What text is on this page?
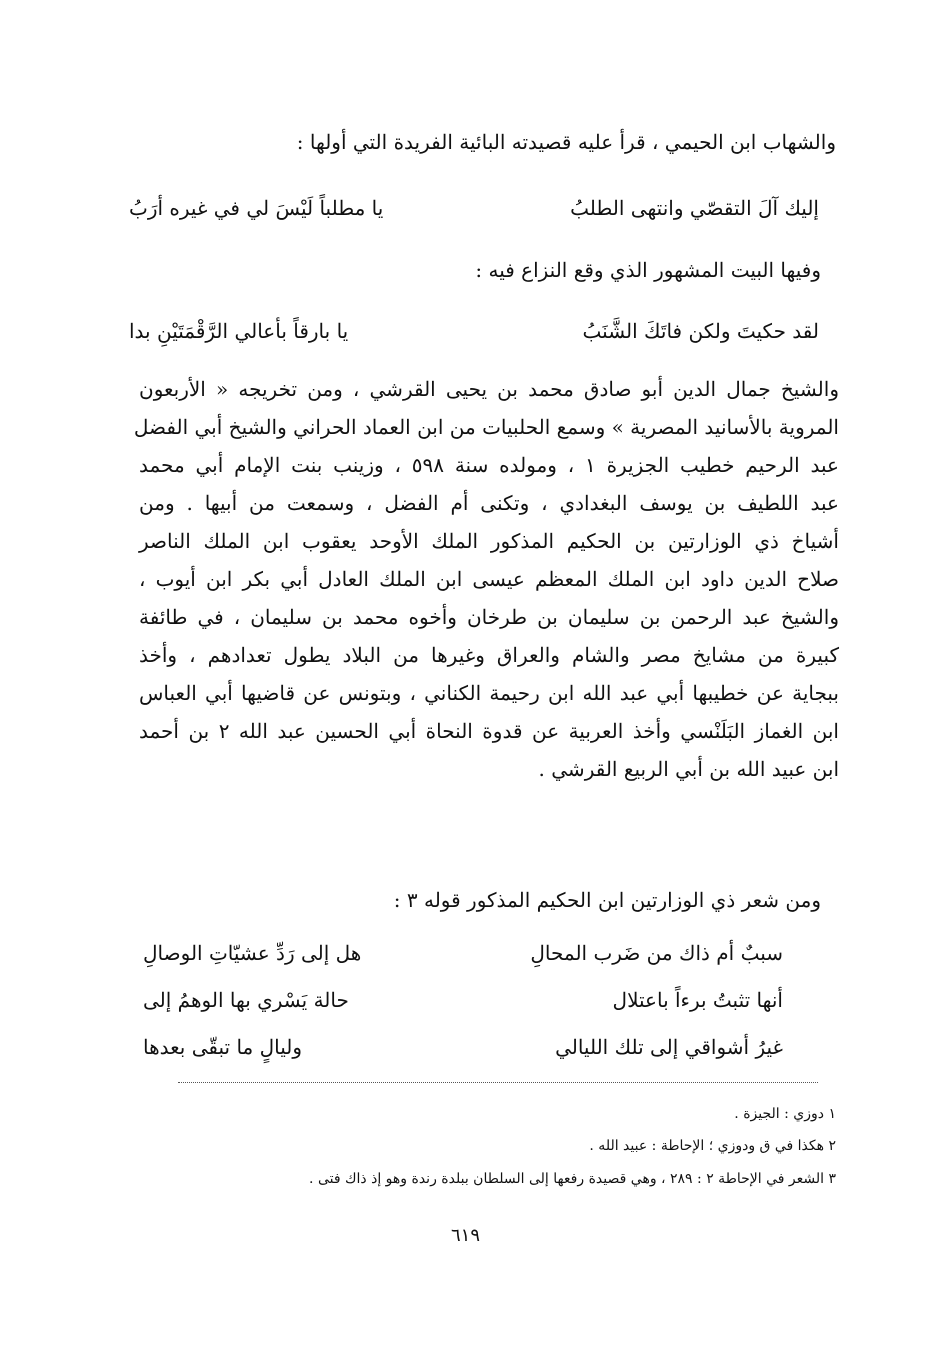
والشهاب ابن الحيمي ، قرأ عليه قصيدته البائية الفريدة التي أولها :
يا مطلباً لَيْسَ لي في غيره أرَبُ	إليك آلَ التقصّي وانتهى الطلبُ
وفيها البيت المشهور الذي وقع النزاع فيه :
يا بارقاً بأعالي الرَّقْمَتَيْنِ بدا	لقد حكيتَ ولكن فاتَكَ الشَّنَبُ
والشيخ جمال الدين أبو صادق محمد بن يحيى القرشي ، ومن تخريجه « الأربعون
المروية بالأسانيد المصرية » وسمع الحلبيات من ابن العماد الحراني والشيخ أبي الفضل
عبد الرحيم خطيب الجزيرة ١ ، ومولده سنة ٥٩٨ ، وزينب بنت الإمام أبي محمد
عبد اللطيف بن يوسف البغدادي ، وتكنى أم الفضل ، وسمعت من أبيها . ومن
أشياخ ذي الوزارتين بن الحكيم المذكور الملك الأوحد يعقوب ابن الملك الناصر
صلاح الدين داود ابن الملك المعظم عيسى ابن الملك العادل أبي بكر ابن أيوب ،
والشيخ عبد الرحمن بن سليمان بن طرخان وأخوه محمد بن سليمان ، في طائفة
كبيرة من مشايخ مصر والشام والعراق وغيرها من البلاد يطول تعدادهم ، وأخذ
ببجاية عن خطيبها أبي عبد الله ابن رحيمة الكناني ، وبتونس عن قاضيها أبي العباس
ابن الغماز البَلَنْسي وأخذ العربية عن قدوة النحاة أبي الحسين عبد الله ٢ بن أحمد
ابن عبيد الله بن أبي الربيع القرشي .
ومن شعر ذي الوزارتين ابن الحكيم المذكور قوله ٣ :
هل إلى رَدِّ عشيّاتِ الوصالِ	سببٌ أم ذاك من ضَرب المحالِ
حالة يَسْري بها الوهمُ إلى	أنها تثبتُ برءاً باعتلال
وليالٍ ما تبقّى بعدها	غيرُ أشواقي إلى تلك الليالي
١ دوزي : الجيزة .
٢ هكذا في ق ودوزي ؛ الإحاطة : عبيد الله .
٣ الشعر في الإحاطة ٢ : ٢٨٩ ، وهي قصيدة رفعها إلى السلطان ببلدة رندة وهو إذ ذاك فتى .
٦١٩
